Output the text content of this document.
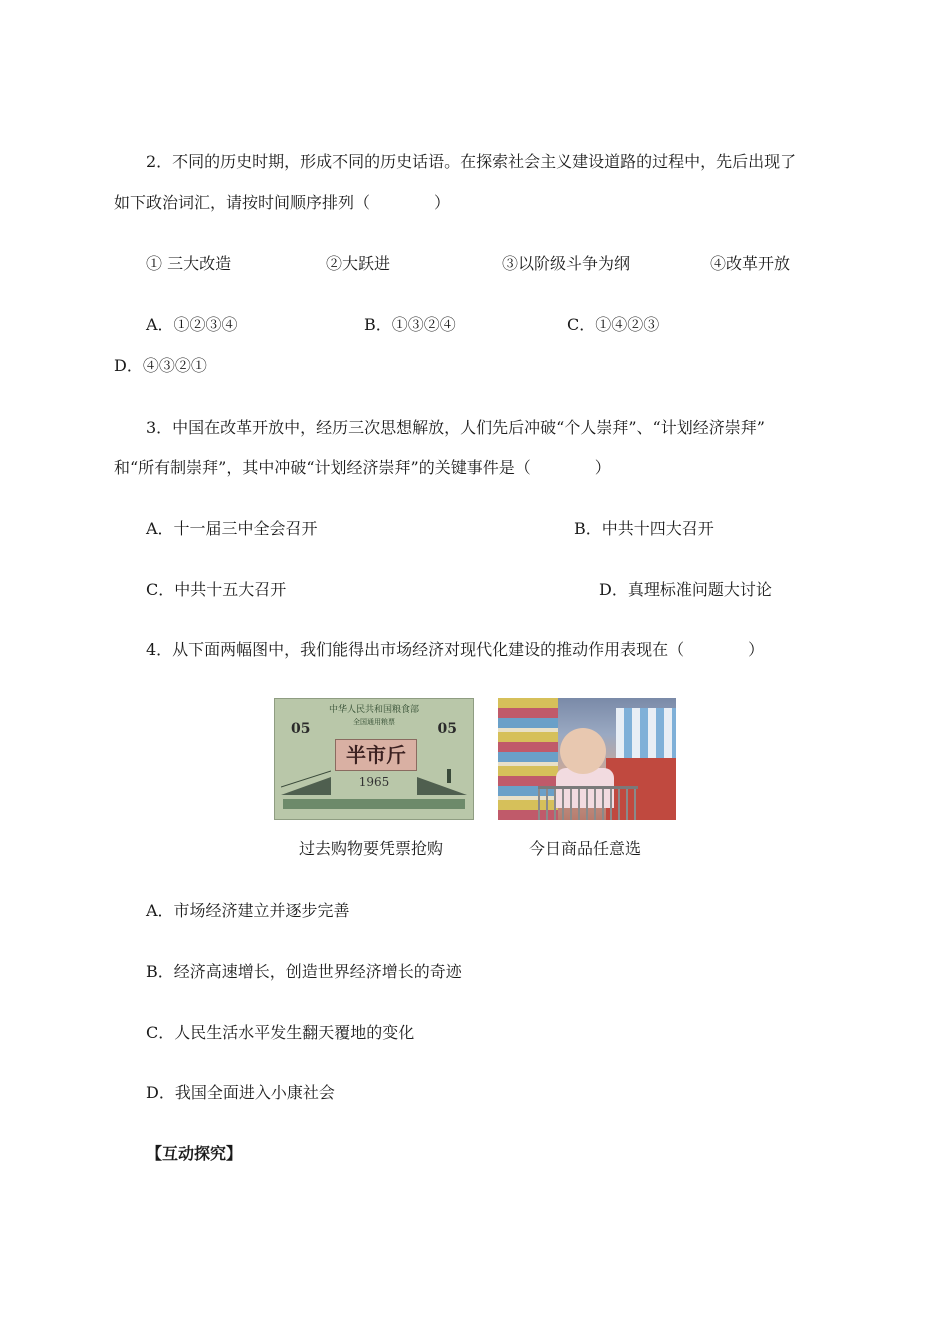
2．不同的历史时期，形成不同的历史话语。在探索社会主义建设道路的过程中，先后出现了
如下政治词汇，请按时间顺序排列（　　　　）
① 三大改造	②大跃进	③以阶级斗争为纲	④改革开放
A．①②③④	B．①③②④	C．①④②③
D．④③②①
3．中国在改革开放中，经历三次思想解放，人们先后冲破“个人崇拜”、“计划经济崇拜”
和“所有制崇拜”，其中冲破“计划经济崇拜”的关键事件是（　　　　）
A．十一届三中全会召开	B．中共十四大召开
C．中共十五大召开	D．真理标准问题大讨论
4．从下面两幅图中，我们能得出市场经济对现代化建设的推动作用表现在（　　　　）
中华人民共和国粮食部
全国通用粮票
05	05
半市斤
1965
过去购物要凭票抢购	今日商品任意选
A．市场经济建立并逐步完善
B．经济高速增长，创造世界经济增长的奇迹
C．人民生活水平发生翻天覆地的变化
D．我国全面进入小康社会
【互动探究】
